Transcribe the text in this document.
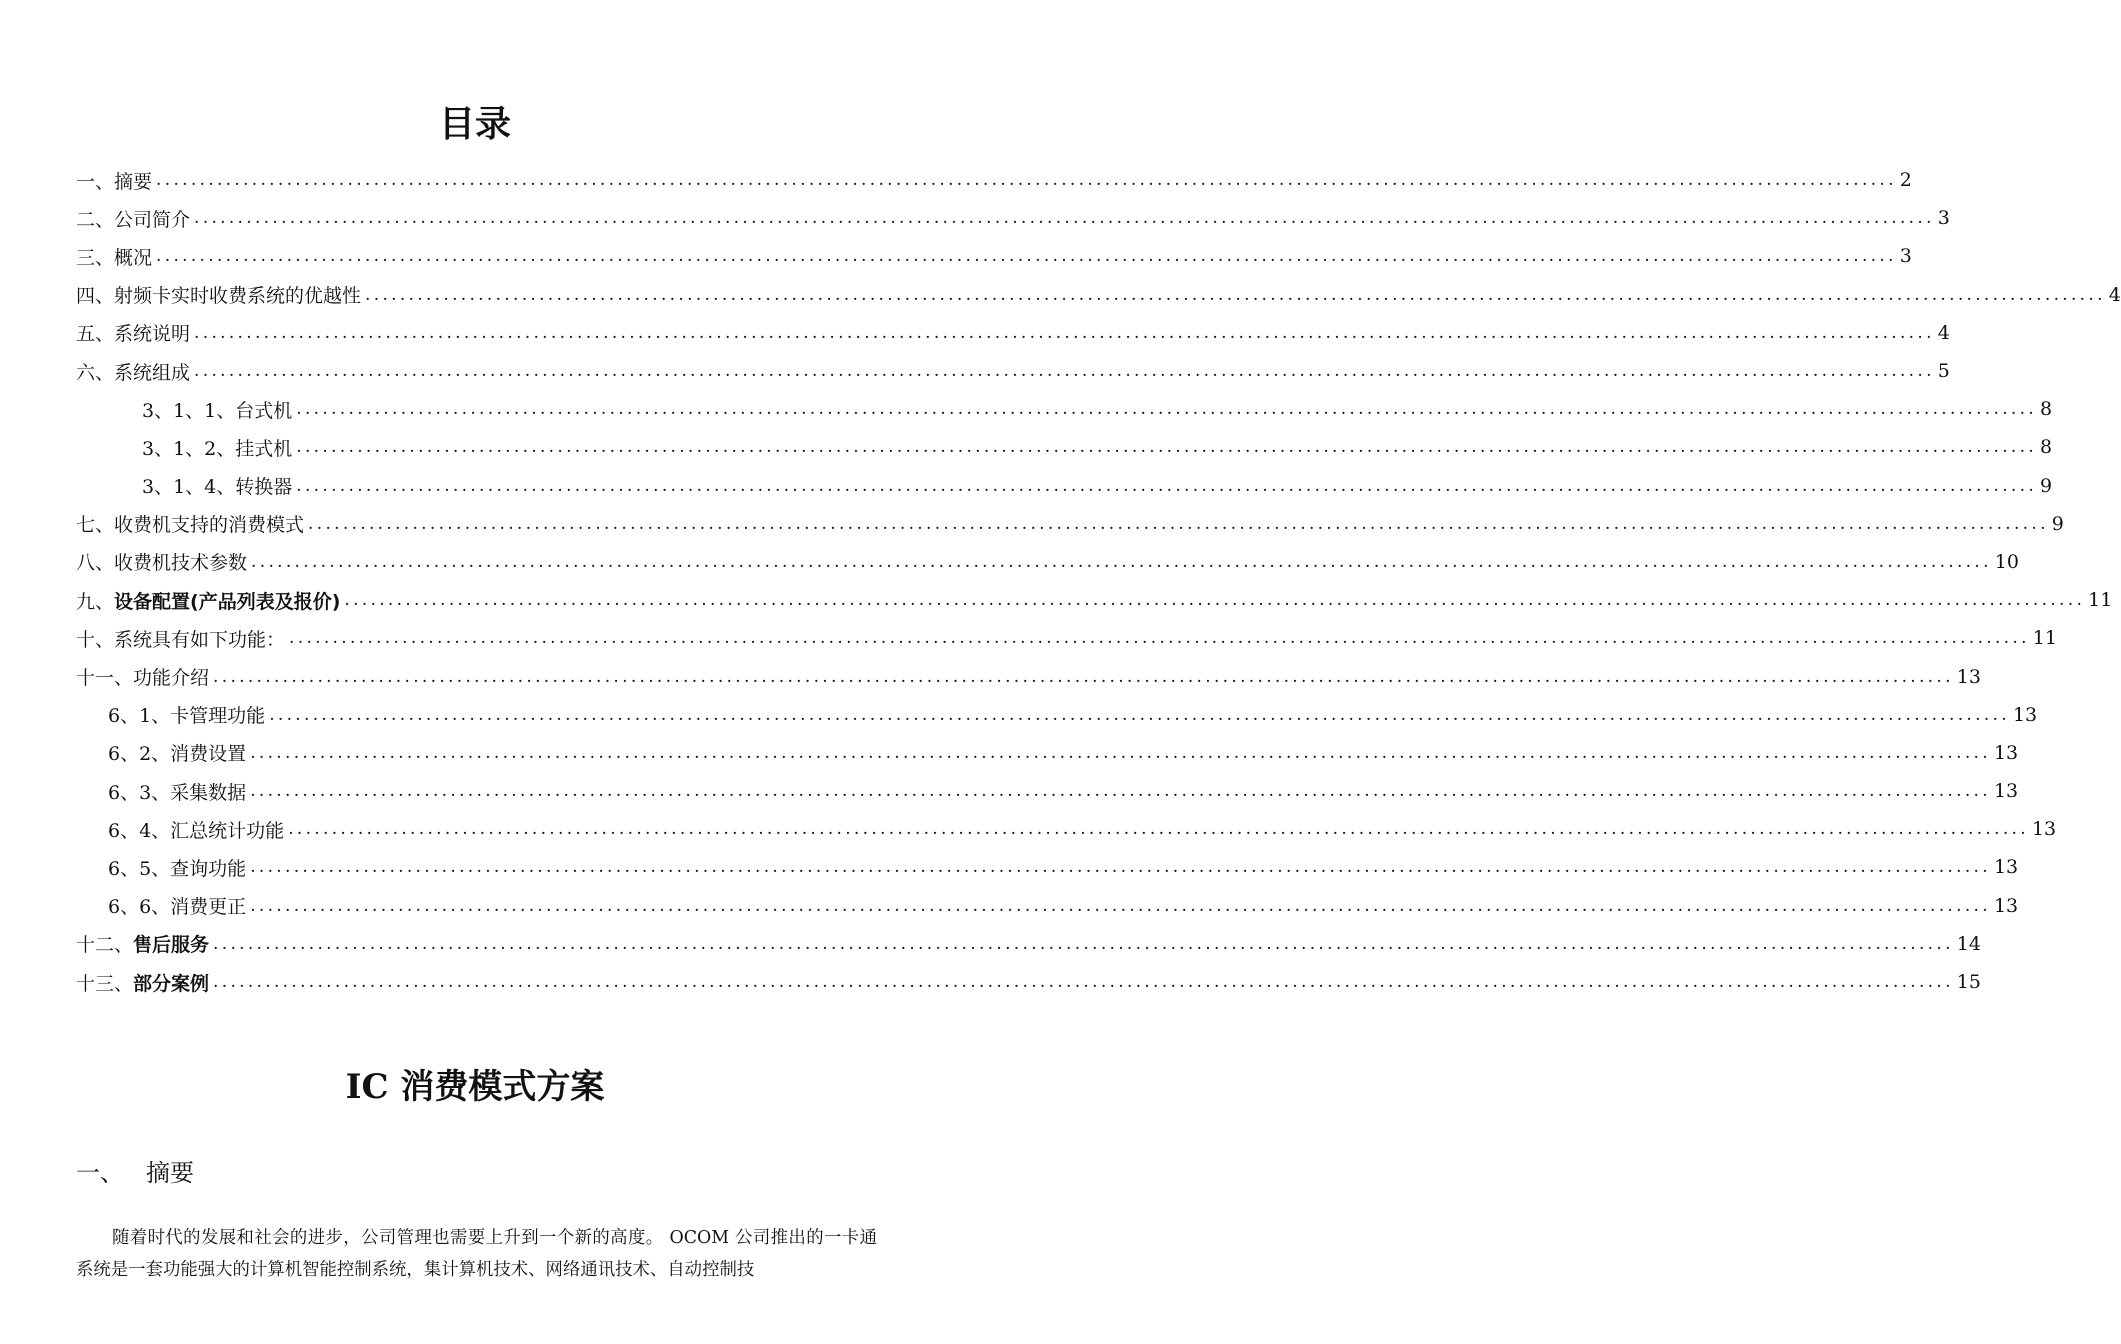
目录
一、 摘要 ........................................................................................................................................................................................................ 2
二、 公司简介 ........................................................................................................................................................................................................ 3
三、 概况 ........................................................................................................................................................................................................ 3
四、 射频卡实时收费系统的优越性 ........................................................................................................................................................................................................ 4
五、 系统说明 ........................................................................................................................................................................................................ 4
六、 系统组成 ........................................................................................................................................................................................................ 5
3、1、1、台式机 ........................................................................................................................................................................................................ 8
3、1、2、挂式机 ........................................................................................................................................................................................................ 8
3、1、4、转换器 ........................................................................................................................................................................................................ 9
七、 收费机支持的消费模式 ........................................................................................................................................................................................................ 9
八、 收费机技术参数 ........................................................................................................................................................................................................ 10
九、 设备配置(产品列表及报价) ........................................................................................................................................................................................................ 11
十、 系统具有如下功能： ........................................................................................................................................................................................................ 11
十一、 功能介绍 ........................................................................................................................................................................................................ 13
6、1、卡管理功能 ........................................................................................................................................................................................................ 13
6、2、消费设置 ........................................................................................................................................................................................................ 13
6、3、采集数据 ........................................................................................................................................................................................................ 13
6、4、汇总统计功能 ........................................................................................................................................................................................................ 13
6、5、查询功能 ........................................................................................................................................................................................................ 13
6、6、消费更正 ........................................................................................................................................................................................................ 13
十二、 售后服务 ........................................................................................................................................................................................................ 14
十三、 部分案例 ........................................................................................................................................................................................................ 15
IC 消费模式方案
一、 摘要

随着时代的发展和社会的进步，公司管理也需要上升到一个新的高度。 OCOM 公司推出的一卡通系统是一套功能强大的计算机智能控制系统，集计算机技术、网络通讯技术、自动控制技
